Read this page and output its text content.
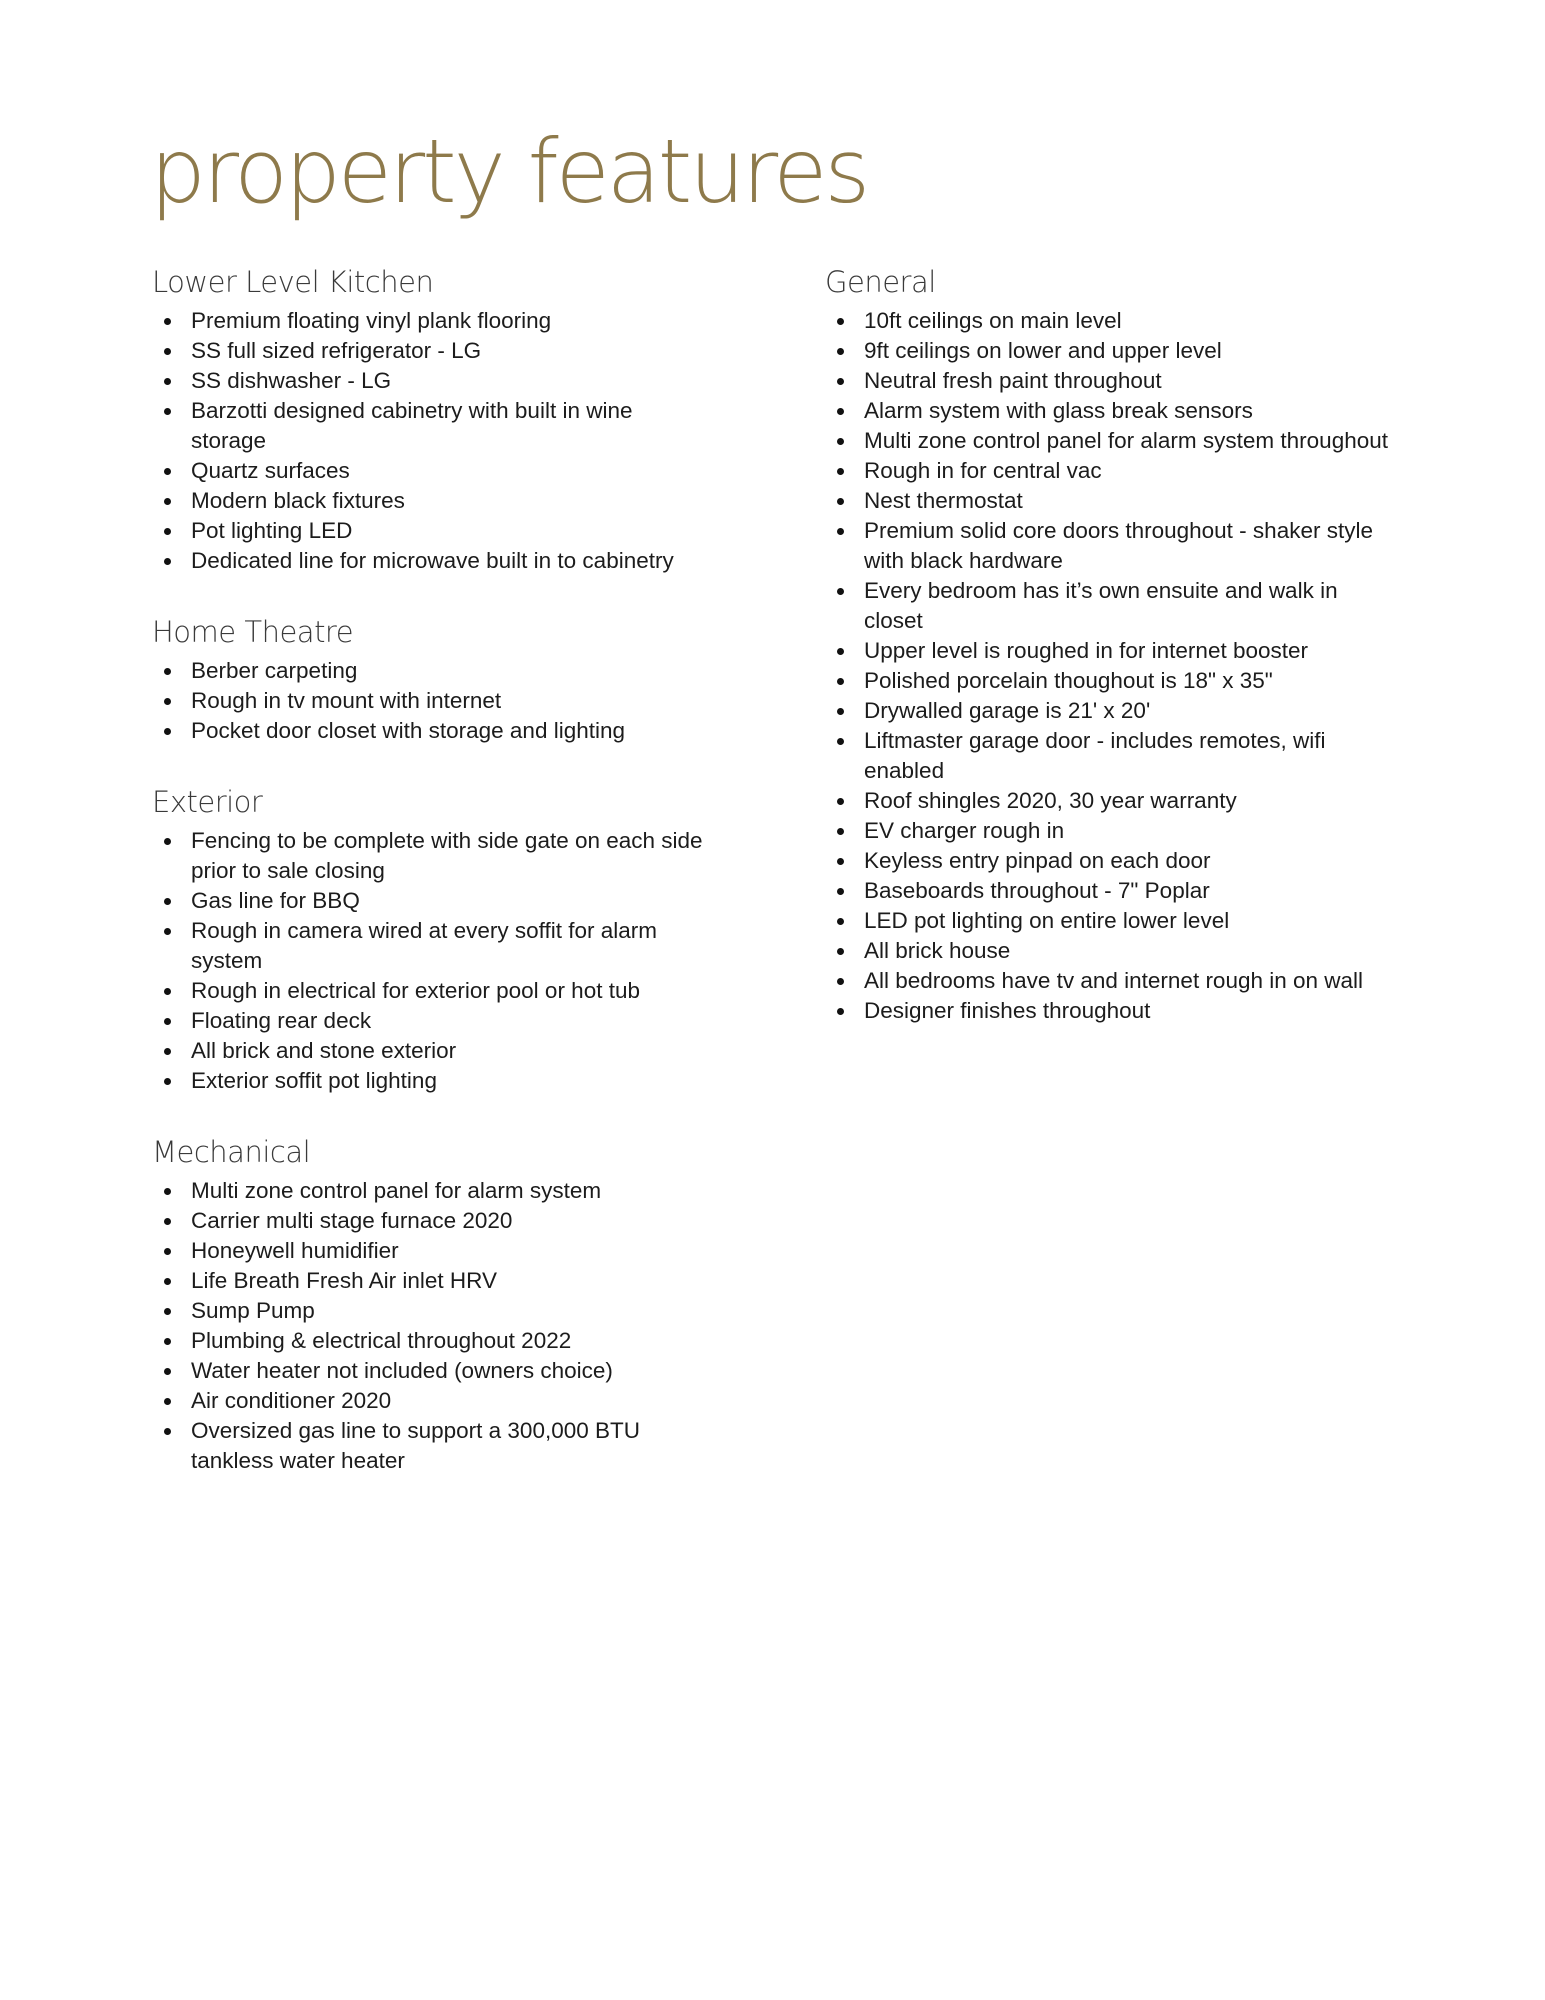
property features
Lower Level Kitchen
Premium floating vinyl plank flooring
SS full sized refrigerator - LG
SS dishwasher - LG
Barzotti designed cabinetry with built in wine storage
Quartz surfaces
Modern black fixtures
Pot lighting LED
Dedicated line for microwave built in to cabinetry
Home Theatre
Berber carpeting
Rough in tv mount with internet
Pocket door closet with storage and lighting
Exterior
Fencing to be complete with side gate on each side prior to sale closing
Gas line for BBQ
Rough in camera wired at every soffit for alarm system
Rough in electrical for exterior pool or hot tub
Floating rear deck
All brick and stone exterior
Exterior soffit pot lighting
Mechanical
Multi zone control panel for alarm system
Carrier multi stage furnace 2020
Honeywell humidifier
Life Breath Fresh Air inlet HRV
Sump Pump
Plumbing & electrical throughout 2022
Water heater not included (owners choice)
Air conditioner 2020
Oversized gas line to support a 300,000 BTU tankless water heater
General
10ft ceilings on main level
9ft ceilings on lower and upper level
Neutral fresh paint throughout
Alarm system with glass break sensors
Multi zone control panel for alarm system throughout
Rough in for central vac
Nest thermostat
Premium solid core doors throughout - shaker style with black hardware
Every bedroom has it’s own ensuite and walk in closet
Upper level is roughed in for internet booster
Polished porcelain thoughout is 18" x 35"
Drywalled garage is 21' x 20'
Liftmaster garage door - includes remotes, wifi enabled
Roof shingles 2020, 30 year warranty
EV charger rough in
Keyless entry pinpad on each door
Baseboards throughout - 7" Poplar
LED pot lighting on entire lower level
All brick house
All bedrooms have tv and internet rough in on wall
Designer finishes throughout
